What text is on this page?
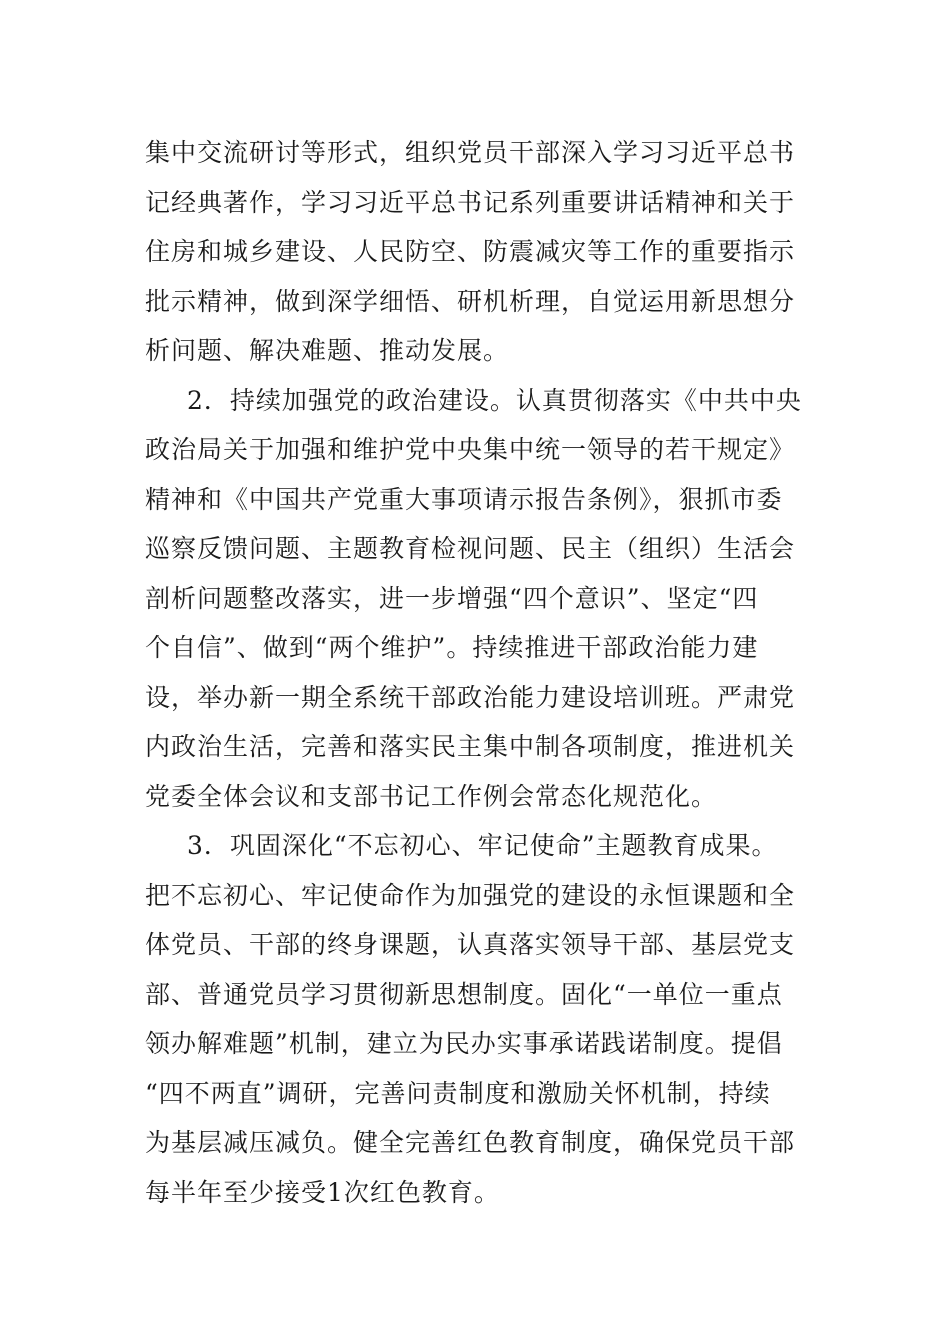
集中交流研讨等形式，组织党员干部深入学习习近平总书
记经典著作，学习习近平总书记系列重要讲话精神和关于
住房和城乡建设、人民防空、防震减灾等工作的重要指示
批示精神，做到深学细悟、研机析理，自觉运用新思想分
析问题、解决难题、推动发展。
2．持续加强党的政治建设。认真贯彻落实《中共中央
政治局关于加强和维护党中央集中统一领导的若干规定》
精神和《中国共产党重大事项请示报告条例》，狠抓市委
巡察反馈问题、主题教育检视问题、民主（组织）生活会
剖析问题整改落实，进一步增强“四个意识”、坚定“四
个自信”、做到“两个维护”。持续推进干部政治能力建
设，举办新一期全系统干部政治能力建设培训班。严肃党
内政治生活，完善和落实民主集中制各项制度，推进机关
党委全体会议和支部书记工作例会常态化规范化。
3．巩固深化“不忘初心、牢记使命”主题教育成果。
把不忘初心、牢记使命作为加强党的建设的永恒课题和全
体党员、干部的终身课题，认真落实领导干部、基层党支
部、普通党员学习贯彻新思想制度。固化“一单位一重点
领办解难题”机制，建立为民办实事承诺践诺制度。提倡
“四不两直”调研，完善问责制度和激励关怀机制，持续
为基层减压减负。健全完善红色教育制度，确保党员干部
每半年至少接受1次红色教育。
